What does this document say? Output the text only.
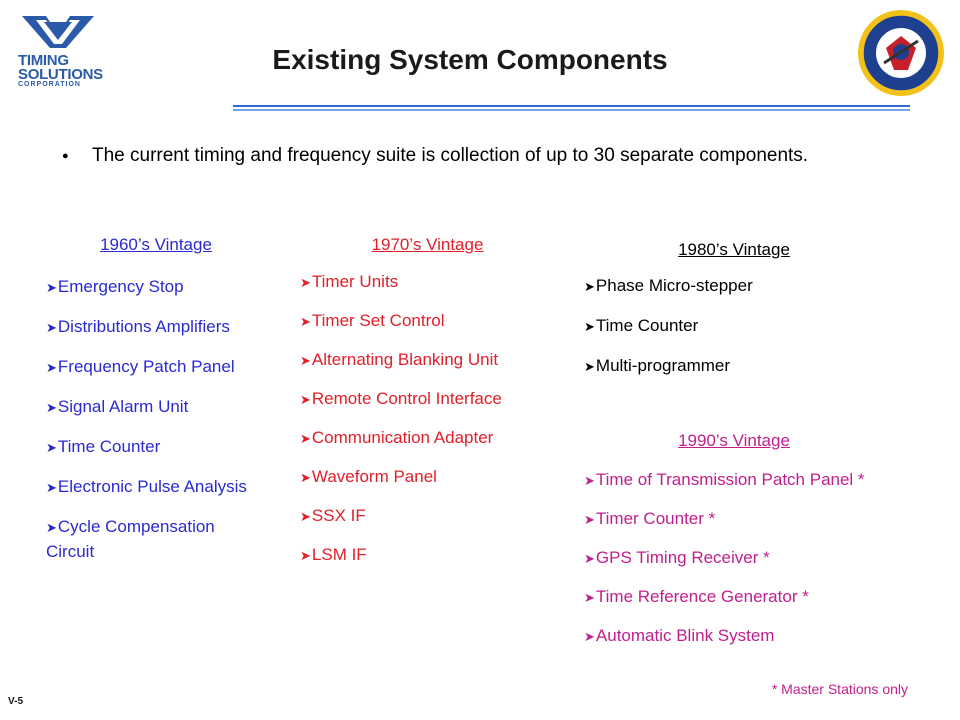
TIMING
SOLUTIONS
CORPORATION
Existing System Components
●	The current timing and frequency suite is collection of up to 30 separate components.
1960’s Vintage
➤Emergency Stop
➤Distributions Amplifiers
➤Frequency Patch Panel
➤Signal Alarm Unit
➤Time Counter
➤Electronic Pulse Analysis
➤Cycle Compensation Circuit
1970’s Vintage
➤Timer Units
➤Timer Set Control
➤Alternating Blanking Unit
➤Remote Control Interface
➤Communication Adapter
➤Waveform Panel
➤SSX IF
➤LSM IF
1980’s Vintage
➤Phase Micro-stepper
➤Time Counter
➤Multi-programmer
1990’s Vintage
➤Time of Transmission Patch Panel *
➤Timer Counter *
➤GPS Timing Receiver *
➤Time Reference Generator *
➤Automatic Blink System
* Master Stations only
V-5
